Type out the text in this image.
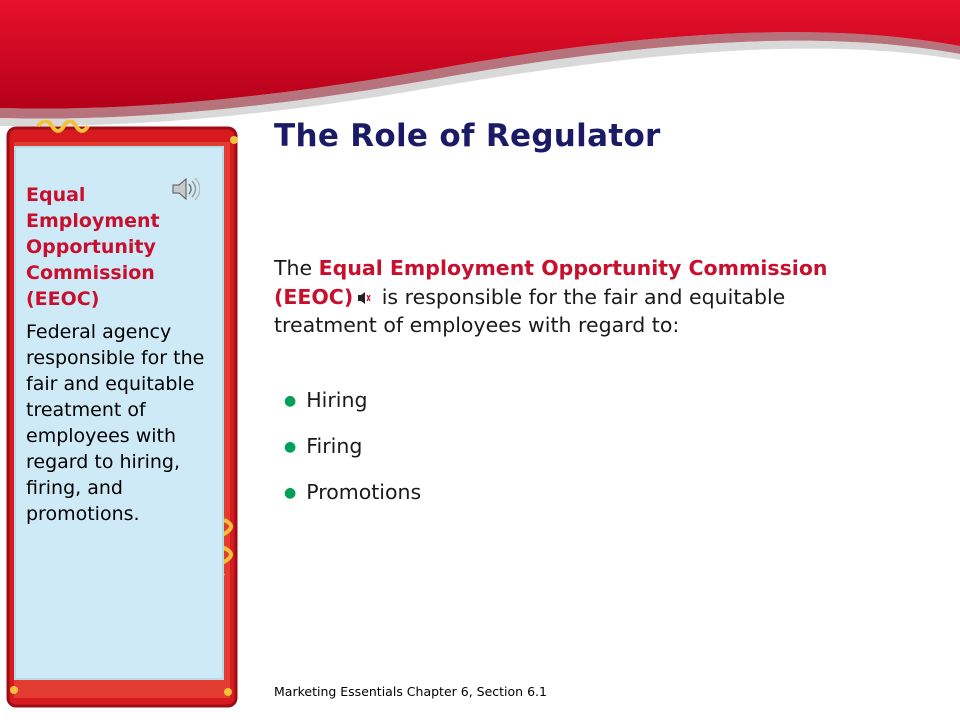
Equal Employment Opportunity Commission (EEOC)

Federal agency responsible for the fair and equitable treatment of employees with regard to hiring, firing, and promotions.

The Role of Regulator

The Equal Employment Opportunity Commission (EEOC) is responsible for the fair and equitable treatment of employees with regard to:

● Hiring
● Firing
● Promotions

Marketing Essentials Chapter 6, Section 6.1
